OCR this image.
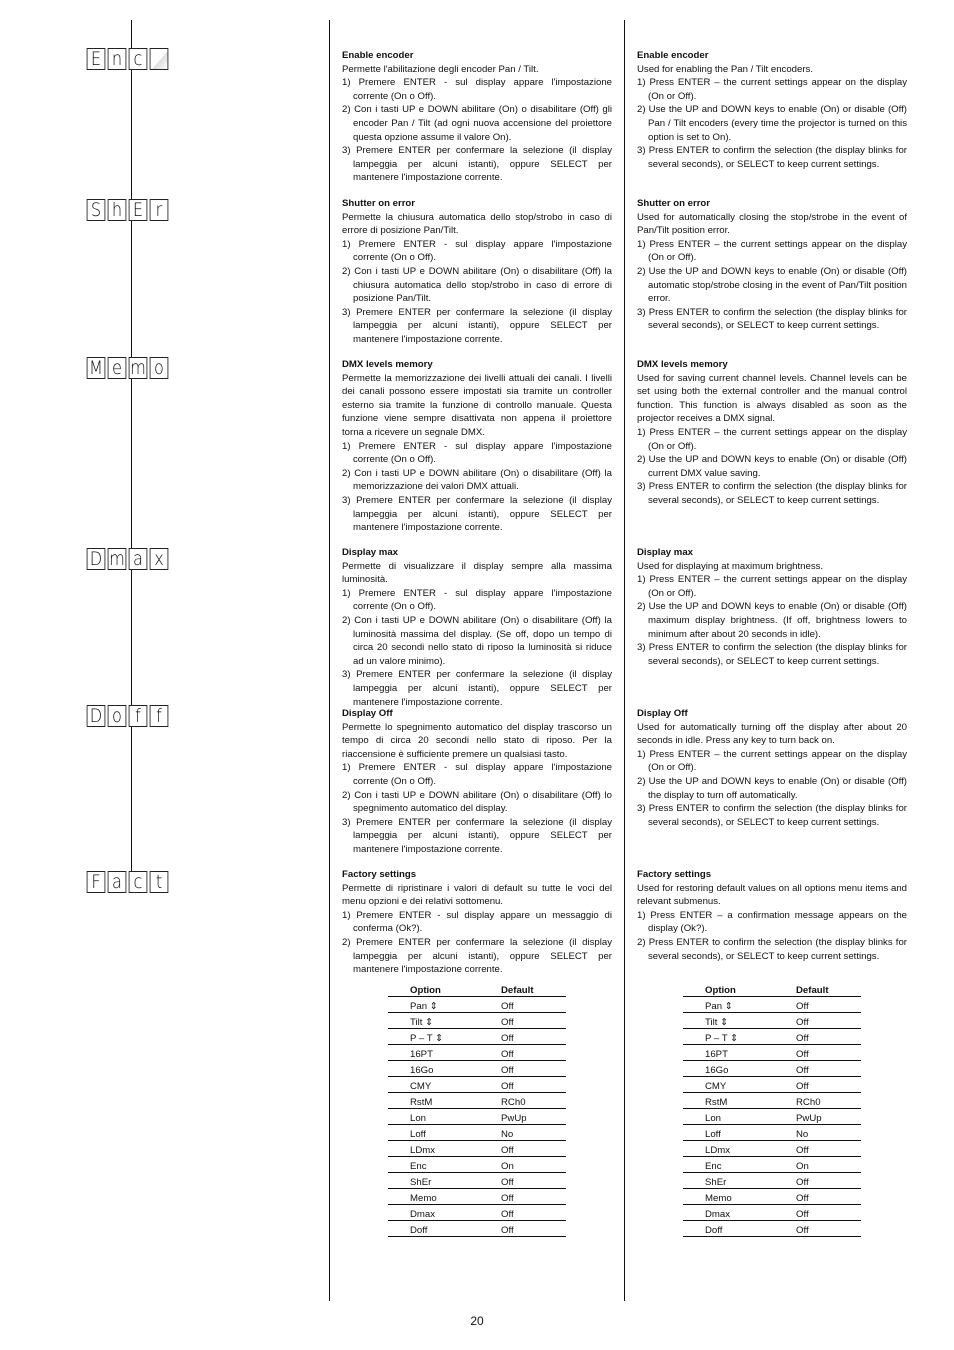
E n c
S h E r
M e m o
D m a x
D o f f
F a c t
Enable encoder
Permette l'abilitazione degli encoder Pan / Tilt.
1) Premere ENTER - sul display appare l'impostazione corrente (On o Off).
2) Con i tasti UP e DOWN abilitare (On) o disabilitare (Off) gli encoder Pan / Tilt (ad ogni nuova accensione del proiettore questa opzione assume il valore On).
3) Premere ENTER per confermare la selezione (il display lampeggia per alcuni istanti), oppure SELECT per mantenere l'impostazione corrente.
Shutter on error
Permette la chiusura automatica dello stop/strobo in caso di errore di posizione Pan/Tilt.
1) Premere ENTER - sul display appare l'impostazione corrente (On o Off).
2) Con i tasti UP e DOWN abilitare (On) o disabilitare (Off) la chiusura automatica dello stop/strobo in caso di errore di posizione Pan/Tilt.
3) Premere ENTER per confermare la selezione (il display lampeggia per alcuni istanti), oppure SELECT per mantenere l'impostazione corrente.
DMX levels memory
Permette la memorizzazione dei livelli attuali dei canali. I livelli dei canali possono essere impostati sia tramite un controller esterno sia tramite la funzione di controllo manuale. Questa funzione viene sempre disattivata non appena il proiettore torna a ricevere un segnale DMX.
1) Premere ENTER - sul display appare l'impostazione corrente (On o Off).
2) Con i tasti UP e DOWN abilitare (On) o disabilitare (Off) la memorizzazione dei valori DMX attuali.
3) Premere ENTER per confermare la selezione (il display lampeggia per alcuni istanti), oppure SELECT per mantenere l'impostazione corrente.
Display max
Permette di visualizzare il display sempre alla massima luminosità.
1) Premere ENTER - sul display appare l'impostazione corrente (On o Off).
2) Con i tasti UP e DOWN abilitare (On) o disabilitare (Off) la luminosità massima del display. (Se off, dopo un tempo di circa 20 secondi nello stato di riposo la luminosità si riduce ad un valore minimo).
3) Premere ENTER per confermare la selezione (il display lampeggia per alcuni istanti), oppure SELECT per mantenere l'impostazione corrente.
Display Off
Permette lo spegnimento automatico del display trascorso un tempo di circa 20 secondi nello stato di riposo. Per la riaccensione è sufficiente premere un qualsiasi tasto.
1) Premere ENTER - sul display appare l'impostazione corrente (On o Off).
2) Con i tasti UP e DOWN abilitare (On) o disabilitare (Off) lo spegnimento automatico del display.
3) Premere ENTER per confermare la selezione (il display lampeggia per alcuni istanti), oppure SELECT per mantenere l'impostazione corrente.
Factory settings
Permette di ripristinare i valori di default su tutte le voci del menu opzioni e dei relativi sottomenu.
1) Premere ENTER - sul display appare un messaggio di conferma (Ok?).
2) Premere ENTER per confermare la selezione (il display lampeggia per alcuni istanti), oppure SELECT per mantenere l'impostazione corrente.
Enable encoder
Used for enabling the Pan / Tilt encoders.
1) Press ENTER – the current settings appear on the display (On or Off).
2) Use the UP and DOWN keys to enable (On) or disable (Off) Pan / Tilt encoders (every time the projector is turned on this option is set to On).
3) Press ENTER to confirm the selection (the display blinks for several seconds), or SELECT to keep current settings.
Shutter on error
Used for automatically closing the stop/strobe in the event of Pan/Tilt position error.
1) Press ENTER – the current settings appear on the display (On or Off).
2) Use the UP and DOWN keys to enable (On) or disable (Off) automatic stop/strobe closing in the event of Pan/Tilt position error.
3) Press ENTER to confirm the selection (the display blinks for several seconds), or SELECT to keep current settings.
DMX levels memory
Used for saving current channel levels. Channel levels can be set using both the external controller and the manual control function. This function is always disabled as soon as the projector receives a DMX signal.
1) Press ENTER – the current settings appear on the display (On or Off).
2) Use the UP and DOWN keys to enable (On) or disable (Off) current DMX value saving.
3) Press ENTER to confirm the selection (the display blinks for several seconds), or SELECT to keep current settings.
Display max
Used for displaying at maximum brightness.
1) Press ENTER – the current settings appear on the display (On or Off).
2) Use the UP and DOWN keys to enable (On) or disable (Off) maximum display brightness. (If off, brightness lowers to minimum after about 20 seconds in idle).
3) Press ENTER to confirm the selection (the display blinks for several seconds), or SELECT to keep current settings.
Display Off
Used for automatically turning off the display after about 20 seconds in idle. Press any key to turn back on.
1) Press ENTER – the current settings appear on the display (On or Off).
2) Use the UP and DOWN keys to enable (On) or disable (Off) the display to turn off automatically.
3) Press ENTER to confirm the selection (the display blinks for several seconds), or SELECT to keep current settings.
Factory settings
Used for restoring default values on all options menu items and relevant submenus.
1) Press ENTER – a confirmation message appears on the display (Ok?).
2) Press ENTER to confirm the selection (the display blinks for several seconds), or SELECT to keep current settings.
Option	Default
Pan ⇕	Off
Tilt ⇕	Off
P – T ⇕	Off
16PT	Off
16Go	Off
CMY	Off
RstM	RCh0
Lon	PwUp
Loff	No
LDmx	Off
Enc	On
ShEr	Off
Memo	Off
Dmax	Off
Doff	Off
Option	Default
Pan ⇕	Off
Tilt ⇕	Off
P – T ⇕	Off
16PT	Off
16Go	Off
CMY	Off
RstM	RCh0
Lon	PwUp
Loff	No
LDmx	Off
Enc	On
ShEr	Off
Memo	Off
Dmax	Off
Doff	Off
20
